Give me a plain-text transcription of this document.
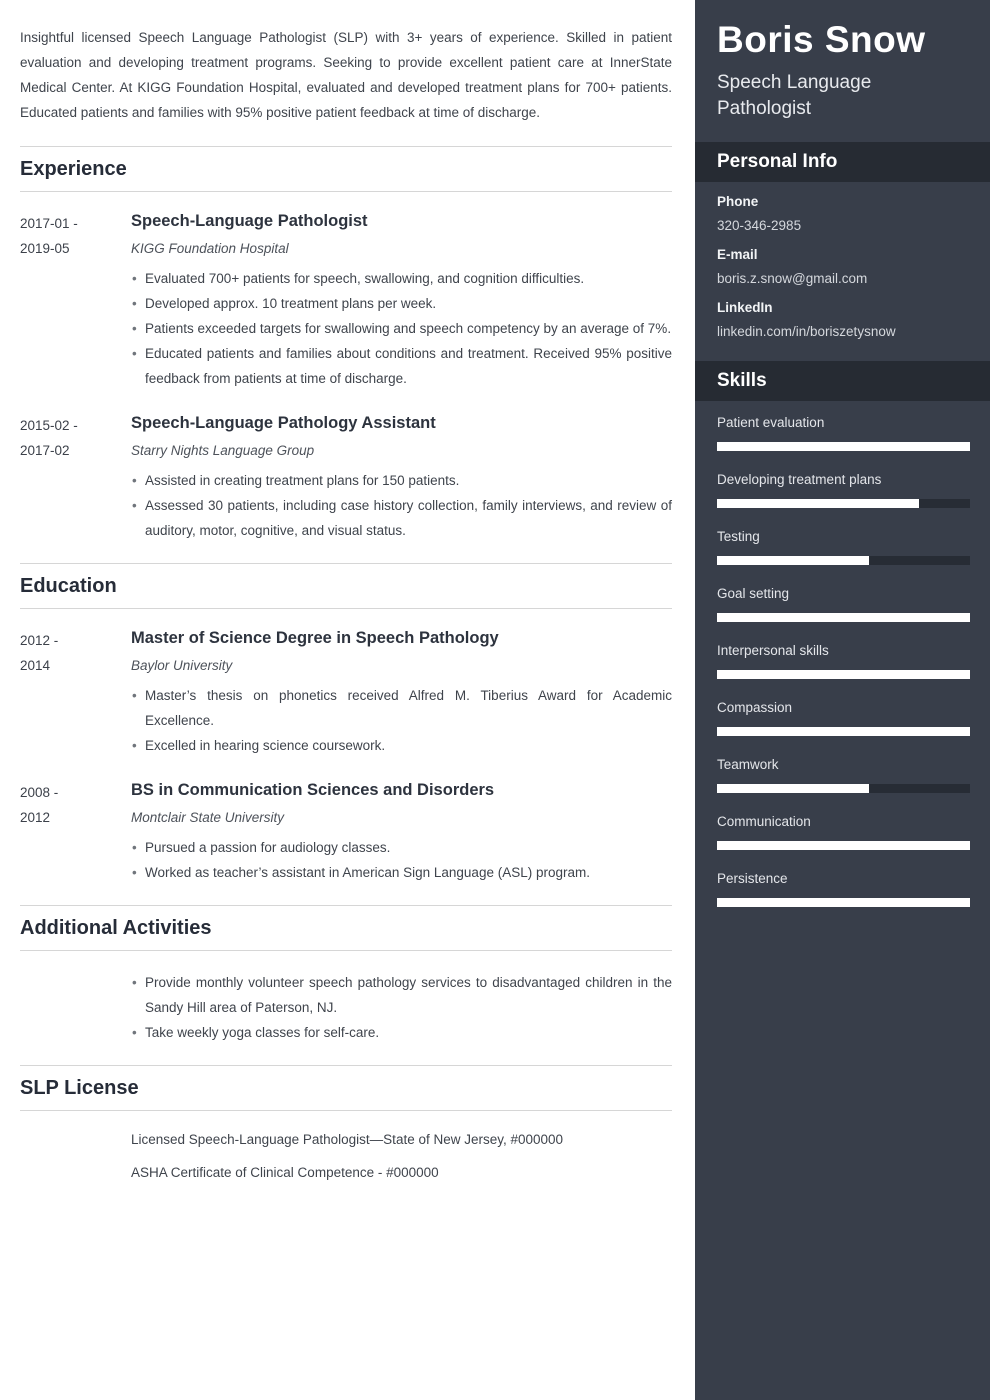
Insightful licensed Speech Language Pathologist (SLP) with 3+ years of experience. Skilled in patient evaluation and developing treatment programs. Seeking to provide excellent patient care at InnerState Medical Center. At KIGG Foundation Hospital, evaluated and developed treatment plans for 700+ patients. Educated patients and families with 95% positive patient feedback at time of discharge.

Experience
2017-01 -
2019-05
Speech-Language Pathologist
KIGG Foundation Hospital
• Evaluated 700+ patients for speech, swallowing, and cognition difficulties.
• Developed approx. 10 treatment plans per week.
• Patients exceeded targets for swallowing and speech competency by an average of 7%.
• Educated patients and families about conditions and treatment. Received 95% positive feedback from patients at time of discharge.
2015-02 -
2017-02
Speech-Language Pathology Assistant
Starry Nights Language Group
• Assisted in creating treatment plans for 150 patients.
• Assessed 30 patients, including case history collection, family interviews, and review of auditory, motor, cognitive, and visual status.
Education
2012 -
2014
Master of Science Degree in Speech Pathology
Baylor University
• Master’s thesis on phonetics received Alfred M. Tiberius Award for Academic Excellence.
• Excelled in hearing science coursework.
2008 -
2012
BS in Communication Sciences and Disorders
Montclair State University
• Pursued a passion for audiology classes.
• Worked as teacher’s assistant in American Sign Language (ASL) program.
Additional Activities
• Provide monthly volunteer speech pathology services to disadvantaged children in the Sandy Hill area of Paterson, NJ.
• Take weekly yoga classes for self-care.
SLP License

Licensed Speech-Language Pathologist—State of New Jersey, #000000

ASHA Certificate of Clinical Competence - #000000

Boris Snow
Speech Language Pathologist
Personal Info
Phone
320-346-2985
E-mail
boris.z.snow@gmail.com
LinkedIn
linkedin.com/in/boriszetysnow
Skills
Patient evaluation
Developing treatment plans
Testing
Goal setting
Interpersonal skills
Compassion
Teamwork
Communication
Persistence
